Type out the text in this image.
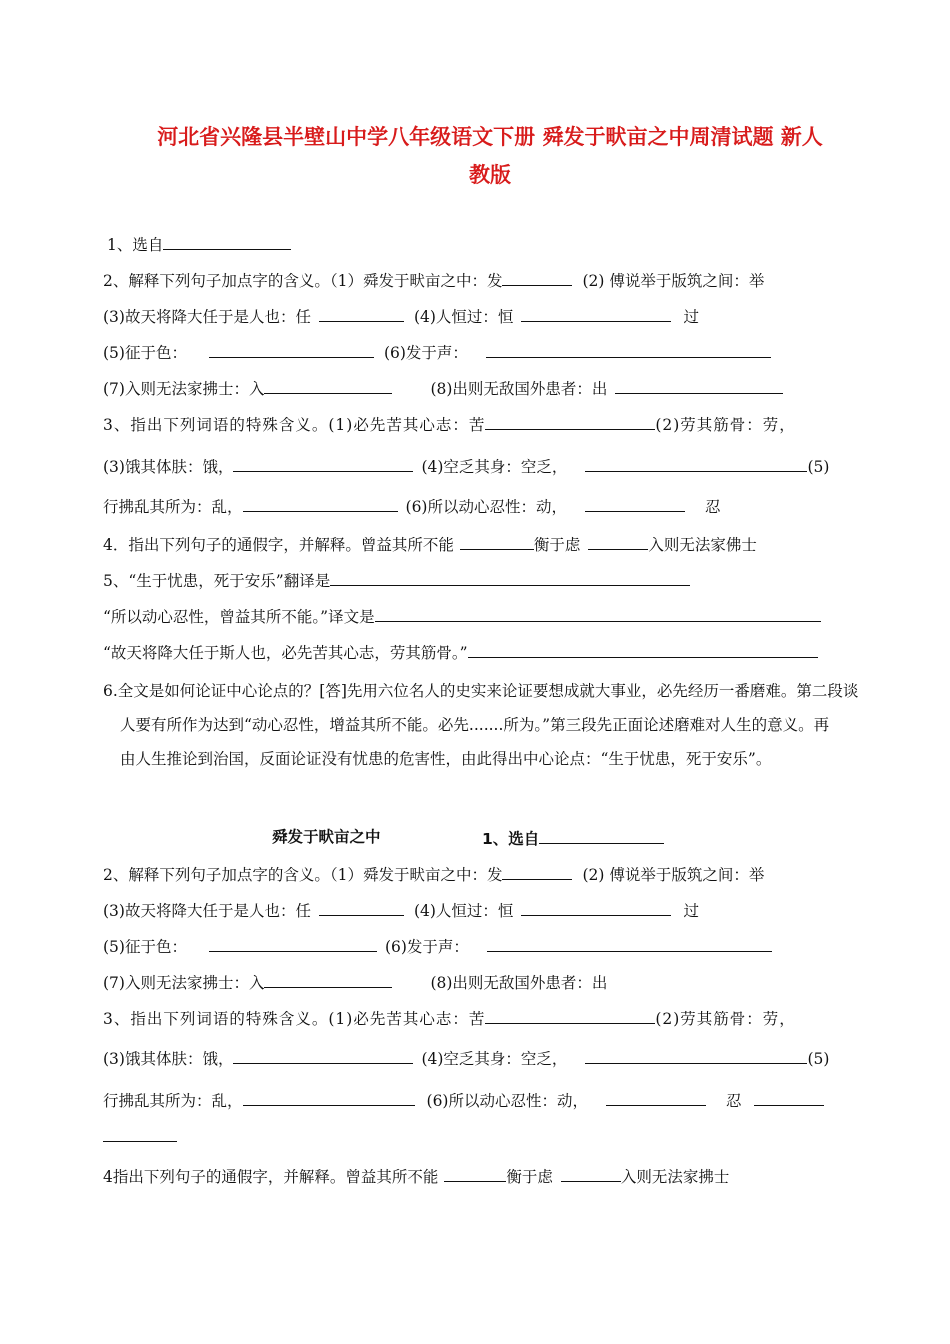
河北省兴隆县半壁山中学八年级语文下册 舜发于畎亩之中周清试题 新人
教版
1、选自
2、解释下列句子加点字的含义。（1）舜发于畎亩之中：发	(2) 傅说举于版筑之间：举
(3)故天将降大任于是人也：任	(4)人恒过：恒	过
(5)征于色：	(6)发于声：
(7)入则无法家拂士：入	(8)出则无敌国外患者：出
3、指出下列词语的特殊含义。(1)必先苦其心志：苦	(2)劳其筋骨：劳，
(3)饿其体肤：饿，	(4)空乏其身：空乏，	(5)
行拂乱其所为：乱，	(6)所以动心忍性：动，	忍
4．指出下列句子的通假字，并解释。曾益其所不能	衡于虑	入则无法家佛士
5、“生于忧患，死于安乐”翻译是
“所以动心忍性，曾益其所不能。”译文是
“故天将降大任于斯人也，必先苦其心志，劳其筋骨。”
6.全文是如何论证中心论点的？[答]先用六位名人的史实来论证要想成就大事业，必先经历一番磨难。第二段谈
人要有所作为达到“动心忍性，增益其所不能。必先.......所为。”第三段先正面论述磨难对人生的意义。再
由人生推论到治国，反面论证没有忧患的危害性，由此得出中心论点：“生于忧患，死于安乐”。
舜发于畎亩之中	1、选自
2、解释下列句子加点字的含义。（1）舜发于畎亩之中：发	(2) 傅说举于版筑之间：举
(3)故天将降大任于是人也：任	(4)人恒过：恒	过
(5)征于色：	(6)发于声：
(7)入则无法家拂士：入	(8)出则无敌国外患者：出
3、指出下列词语的特殊含义。(1)必先苦其心志：苦	(2)劳其筋骨：劳，
(3)饿其体肤：饿，	(4)空乏其身：空乏，	(5)
行拂乱其所为：乱，	(6)所以动心忍性：动，	忍
4指出下列句子的通假字，并解释。曾益其所不能	衡于虑	入则无法家拂士
